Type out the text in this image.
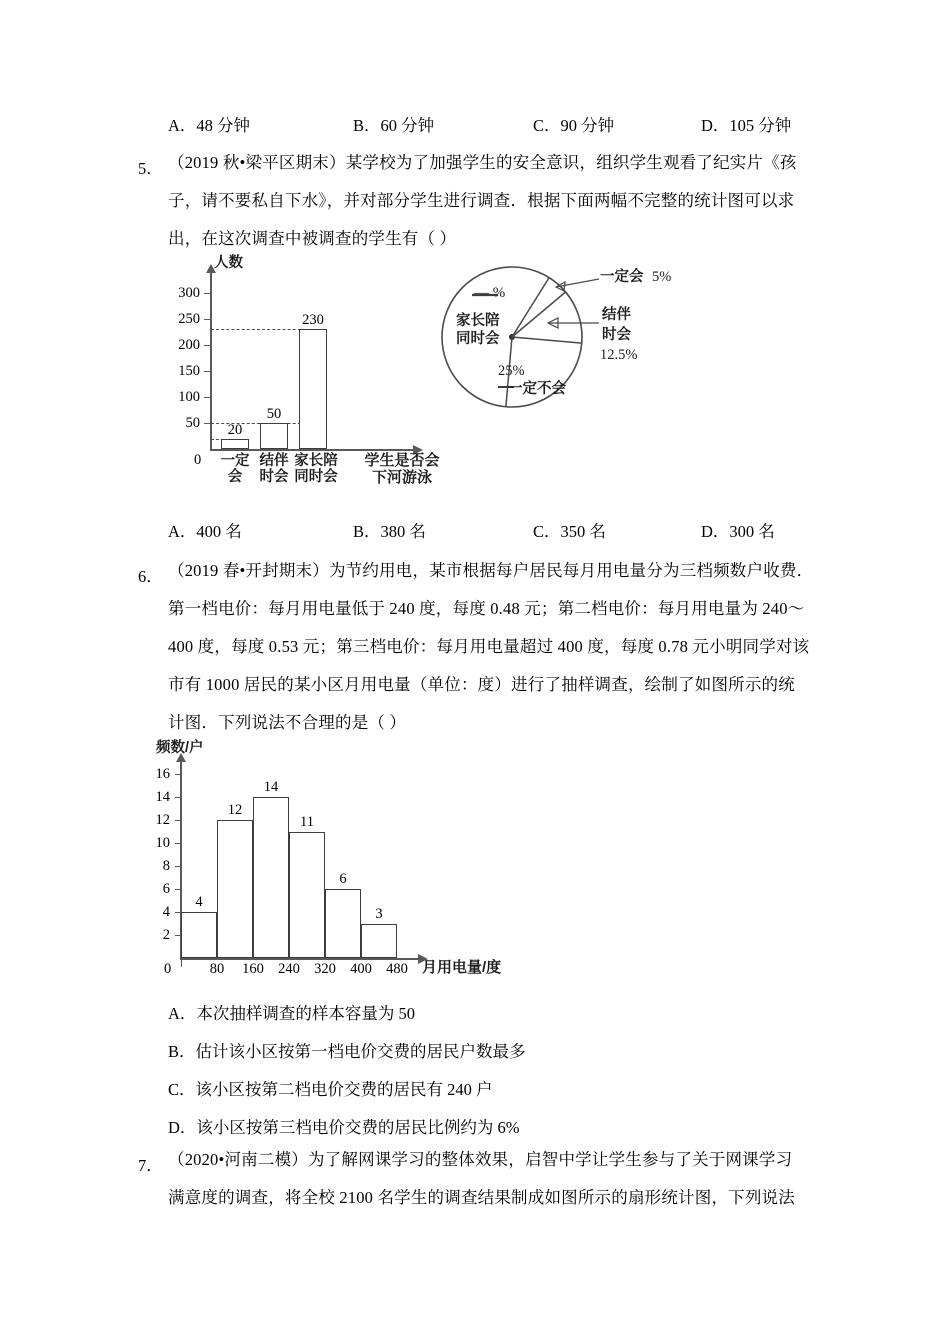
A．48 分钟	B．60 分钟	C．90 分钟	D．105 分钟
5． （2019 秋•梁平区期末）某学校为了加强学生的安全意识，组织学生观看了纪实片《孩
子，请不要私自下水》，并对部分学生进行调查．根据下面两幅不完整的统计图可以求
出，在这次调查中被调查的学生有（ ）
人数
50
100
150
200
250
300
0
20
50
230
一定
会
结伴
时会
家长陪
同时会
学生是否会
下河游泳
— %
家长陪
同时会
25%
一定不会
一定会 5%
结伴
时会
12.5%
A．400 名	B．380 名	C．350 名	D．300 名
6． （2019 春•开封期末）为节约用电，某市根据每户居民每月用电量分为三档频数户收费．
第一档电价：每月用电量低于 240 度，每度 0.48 元；第二档电价：每月用电量为 240～
400 度，每度 0.53 元；第三档电价：每月用电量超过 400 度，每度 0.78 元小明同学对该
市有 1000 居民的某小区月用电量（单位：度）进行了抽样调查，绘制了如图所示的统
计图．下列说法不合理的是（ ）
频数/户
2
4
6
8
10
12
14
16
0
4
12
14
11
6
3
80	160 240 320 400 480 月用电量/度
A．本次抽样调查的样本容量为 50
B．估计该小区按第一档电价交费的居民户数最多
C．该小区按第二档电价交费的居民有 240 户
D．该小区按第三档电价交费的居民比例约为 6%
7． （2020•河南二模）为了解网课学习的整体效果，启智中学让学生参与了关于网课学习
满意度的调查，将全校 2100 名学生的调查结果制成如图所示的扇形统计图，下列说法
